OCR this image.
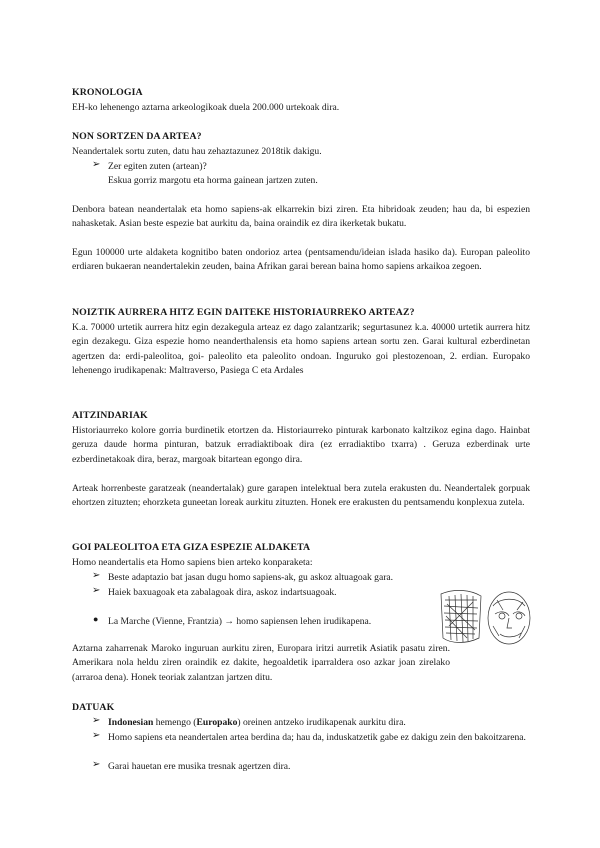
KRONOLOGIA
EH-ko lehenengo aztarna arkeologikoak duela 200.000 urtekoak dira.
NON SORTZEN DA ARTEA?
Neandertalek sortu zuten, datu hau zehaztazunez 2018tik dakigu.
➢ Zer egiten zuten (artean)?
Eskua gorriz margotu eta horma gainean jartzen zuten.
Denbora batean neandertalak eta homo sapiens-ak elkarrekin bizi ziren. Eta hibridoak zeuden; hau da, bi espezien nahasketak. Asian beste espezie bat aurkitu da, baina oraindik ez dira ikerketak bukatu.
Egun 100000 urte aldaketa kognitibo baten ondorioz artea (pentsamendu/ideian islada hasiko da). Europan paleolito erdiaren bukaeran neandertalekin zeuden, baina Afrikan garai berean baina homo sapiens arkaikoa zegoen.
NOIZTIK AURRERA HITZ EGIN DAITEKE HISTORIAURREKO ARTEAZ?
K.a. 70000 urtetik aurrera hitz egin dezakegula arteaz ez dago zalantzarik; segurtasunez k.a. 40000 urtetik aurrera hitz egin dezakegu. Giza espezie homo neanderthalensis eta homo sapiens artean sortu zen. Garai kultural ezberdinetan agertzen da: erdi-paleolitoa, goi- paleolito eta paleolito ondoan. Inguruko goi plestozenoan, 2. erdian. Europako lehenengo irudikapenak: Maltraverso, Pasiega C eta Ardales
AITZINDARIAK
Historiaurreko kolore gorria burdinetik etortzen da. Historiaurreko pinturak karbonato kaltzikoz egina dago. Hainbat geruza daude horma pinturan, batzuk erradiaktiboak dira (ez erradiaktibo txarra) . Geruza ezberdinak urte ezberdinetakoak dira, beraz, margoak bitartean egongo dira.
Arteak horrenbeste garatzeak (neandertalak) gure garapen intelektual bera zutela erakusten du. Neandertalek gorpuak ehortzen zituzten; ehorzketa guneetan loreak aurkitu zituzten. Honek ere erakusten du pentsamendu konplexua zutela.
GOI PALEOLITOA ETA GIZA ESPEZIE ALDAKETA
Homo neandertalis eta Homo sapiens bien arteko konparaketa:
➢ Beste adaptazio bat jasan dugu homo sapiens-ak, gu askoz altuagoak gara.
➢ Haiek baxuagoak eta zabalagoak dira, askoz indartsuagoak.
● La Marche (Vienne, Frantzia) → homo sapiensen lehen irudikapena.
Aztarna zaharrenak Maroko inguruan aurkitu ziren, Europara iritzi aurretik Asiatik pasatu ziren. Amerikara nola heldu ziren oraindik ez dakite, hegoaldetik iparraldera oso azkar joan zirelako (arraroa dena). Honek teoriak zalantzan jartzen ditu.
DATUAK
➢ Indonesian hemengo (Europako) oreinen antzeko irudikapenak aurkitu dira.
➢ Homo sapiens eta neandertalen artea berdina da; hau da, induskatzetik gabe ez dakigu zein den bakoitzarena.
➢ Garai hauetan ere musika tresnak agertzen dira.
